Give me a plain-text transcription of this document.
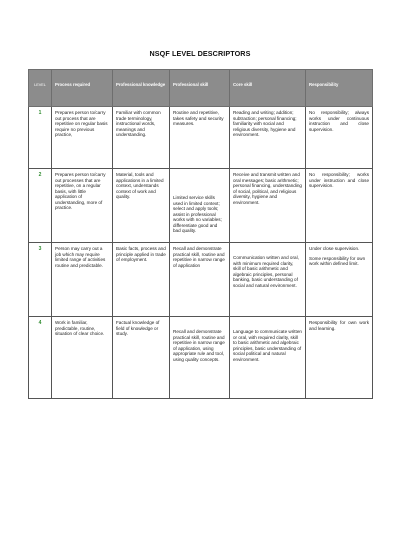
NSQF LEVEL DESCRIPTORS
LEVEL	Process required	Professional knowledge	Professional skill	Core skill	Responsibility
1	Prepares person to/carry out process that are repetitive on regular basis require no previous practice,	Familiar with common trade terminology, instructional words, meanings and understanding.	Routine and repetitive, takes safety and security measures.	Reading and writing; addition; subtraction; personal financing; familiarity with social and religious diversity, hygiene and environment.	No responsibility; always works under continuous instruction and close supervision.

2	Prepares person to/carry out processes that are repetitive, on a regular basis, with little application of understanding, more of practice.	Material, tools and applications in a limited context, understands context of work and quality.	Limited service skills used in limited context; select and apply tools; assist in professional works with no variables; differentiate good and bad quality.	Receive and transmit written and oral messages; basic arithmetic; personal financing, understanding of social, political, and religious diversity, hygiene and environment.	No responsibility; works under instruction and close supervision.

3	Person may carry out a job which may require limited range of activities routine and predictable.	Basic facts, process and principle applied in trade of employment.	Recall and demonstrate practical skill, routine and repetitive in narrow range of application	Communication written and oral, with minimum required clarity, skill of basic arithmetic and algebraic principles, personal banking, basic understanding of social and natural environment.	Under close supervision.
Some responsibility for own work within defined limit.

4	Work in familiar, predictable, routine, situation of clear choice.	Factual knowledge of field of knowledge or study.	Recall and demonstrate practical skill, routine and repetitive in narrow range of application, using appropriate rule and tool, using quality concepts.	Language to communicate written or oral, with required clarity, skill to basic arithmetic and algebraic principles, basic understanding of social political and natural environment.	Responsibility for own work and learning.
